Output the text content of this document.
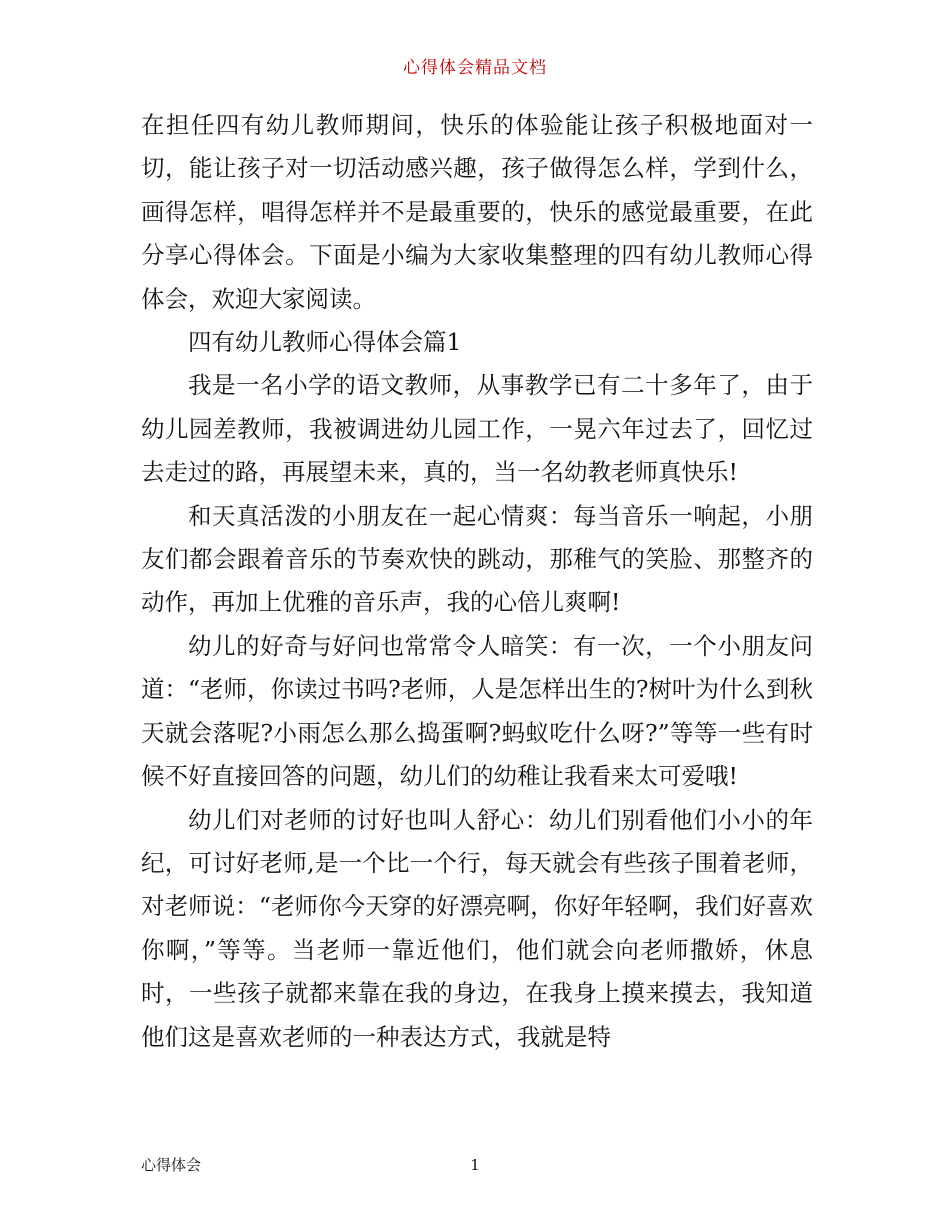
心得体会精品文档

在担任四有幼儿教师期间，快乐的体验能让孩子积极地面对一切，能让孩子对一切活动感兴趣，孩子做得怎么样，学到什么，画得怎样，唱得怎样并不是最重要的，快乐的感觉最重要，在此分享心得体会。下面是小编为大家收集整理的四有幼儿教师心得体会，欢迎大家阅读。

四有幼儿教师心得体会篇1

我是一名小学的语文教师，从事教学已有二十多年了，由于幼儿园差教师，我被调进幼儿园工作，一晃六年过去了，回忆过去走过的路，再展望未来，真的，当一名幼教老师真快乐!

和天真活泼的小朋友在一起心情爽：每当音乐一响起，小朋友们都会跟着音乐的节奏欢快的跳动，那稚气的笑脸、那整齐的动作，再加上优雅的音乐声，我的心倍儿爽啊!

幼儿的好奇与好问也常常令人暗笑：有一次，一个小朋友问道：“老师，你读过书吗?老师，人是怎样出生的?树叶为什么到秋天就会落呢?小雨怎么那么捣蛋啊?蚂蚁吃什么呀?”等等一些有时候不好直接回答的问题，幼儿们的幼稚让我看来太可爱哦!

幼儿们对老师的讨好也叫人舒心：幼儿们别看他们小小的年纪，可讨好老师,是一个比一个行，每天就会有些孩子围着老师，对老师说：“老师你今天穿的好漂亮啊，你好年轻啊，我们好喜欢你啊，”等等。当老师一靠近他们，他们就会向老师撒娇，休息时，一些孩子就都来靠在我的身边，在我身上摸来摸去，我知道他们这是喜欢老师的一种表达方式，我就是特

心得体会	1
